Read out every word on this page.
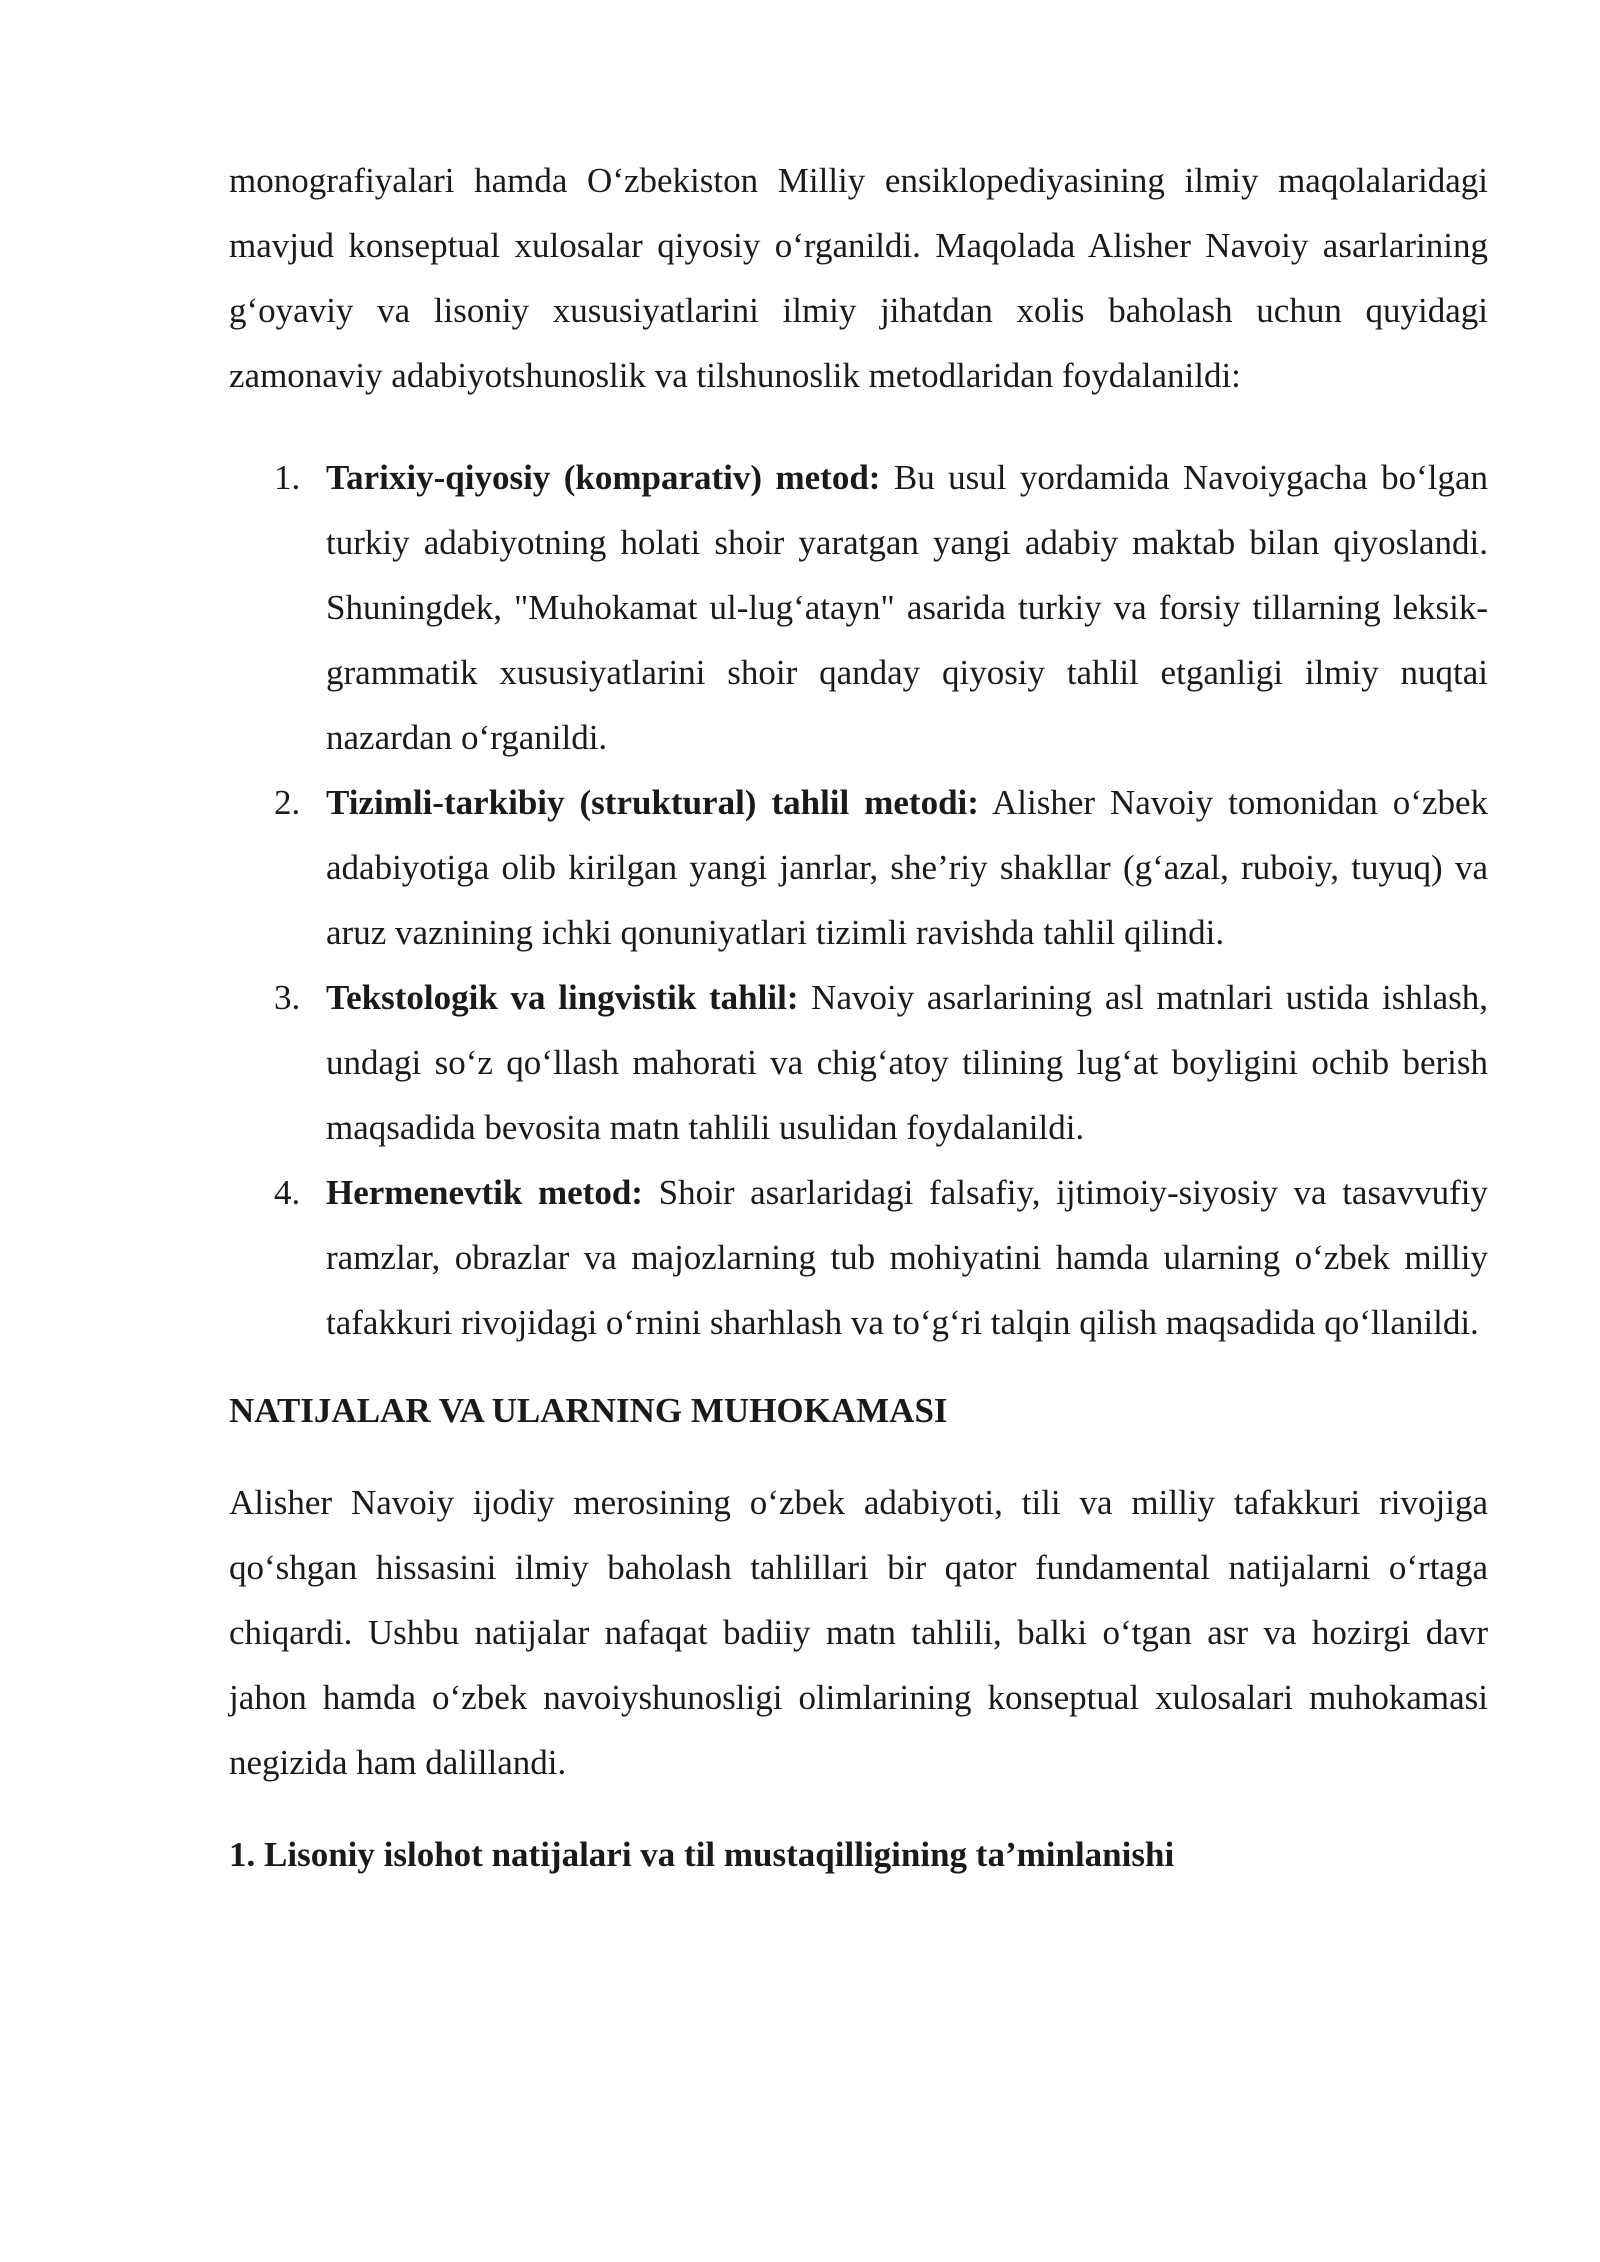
monografiyalari hamda O‘zbekiston Milliy ensiklopediyasining ilmiy maqolalaridagi mavjud konseptual xulosalar qiyosiy o‘rganildi. Maqolada Alisher Navoiy asarlarining g‘oyaviy va lisoniy xususiyatlarini ilmiy jihatdan xolis baholash uchun quyidagi zamonaviy adabiyotshunoslik va tilshunoslik metodlaridan foydalanildi:

1. Tarixiy-qiyosiy (komparativ) metod: Bu usul yordamida Navoiygacha bo‘lgan turkiy adabiyotning holati shoir yaratgan yangi adabiy maktab bilan qiyoslandi. Shuningdek, "Muhokamat ul-lug‘atayn" asarida turkiy va forsiy tillarning leksik-grammatik xususiyatlarini shoir qanday qiyosiy tahlil etganligi ilmiy nuqtai nazardan o‘rganildi.
2. Tizimli-tarkibiy (struktural) tahlil metodi: Alisher Navoiy tomonidan o‘zbek adabiyotiga olib kirilgan yangi janrlar, she’riy shakllar (g‘azal, ruboiy, tuyuq) va aruz vaznining ichki qonuniyatlari tizimli ravishda tahlil qilindi.
3. Tekstologik va lingvistik tahlil: Navoiy asarlarining asl matnlari ustida ishlash, undagi so‘z qo‘llash mahorati va chig‘atoy tilining lug‘at boyligini ochib berish maqsadida bevosita matn tahlili usulidan foydalanildi.
4. Hermenevtik metod: Shoir asarlaridagi falsafiy, ijtimoiy-siyosiy va tasavvufiy ramzlar, obrazlar va majozlarning tub mohiyatini hamda ularning o‘zbek milliy tafakkuri rivojidagi o‘rnini sharhlash va to‘g‘ri talqin qilish maqsadida qo‘llanildi.
NATIJALAR VA ULARNING MUHOKAMASI

Alisher Navoiy ijodiy merosining o‘zbek adabiyoti, tili va milliy tafakkuri rivojiga qo‘shgan hissasini ilmiy baholash tahlillari bir qator fundamental natijalarni o‘rtaga chiqardi. Ushbu natijalar nafaqat badiiy matn tahlili, balki o‘tgan asr va hozirgi davr jahon hamda o‘zbek navoiyshunosligi olimlarining konseptual xulosalari muhokamasi negizida ham dalillandi.

1. Lisoniy islohot natijalari va til mustaqilligining ta’minlanishi
